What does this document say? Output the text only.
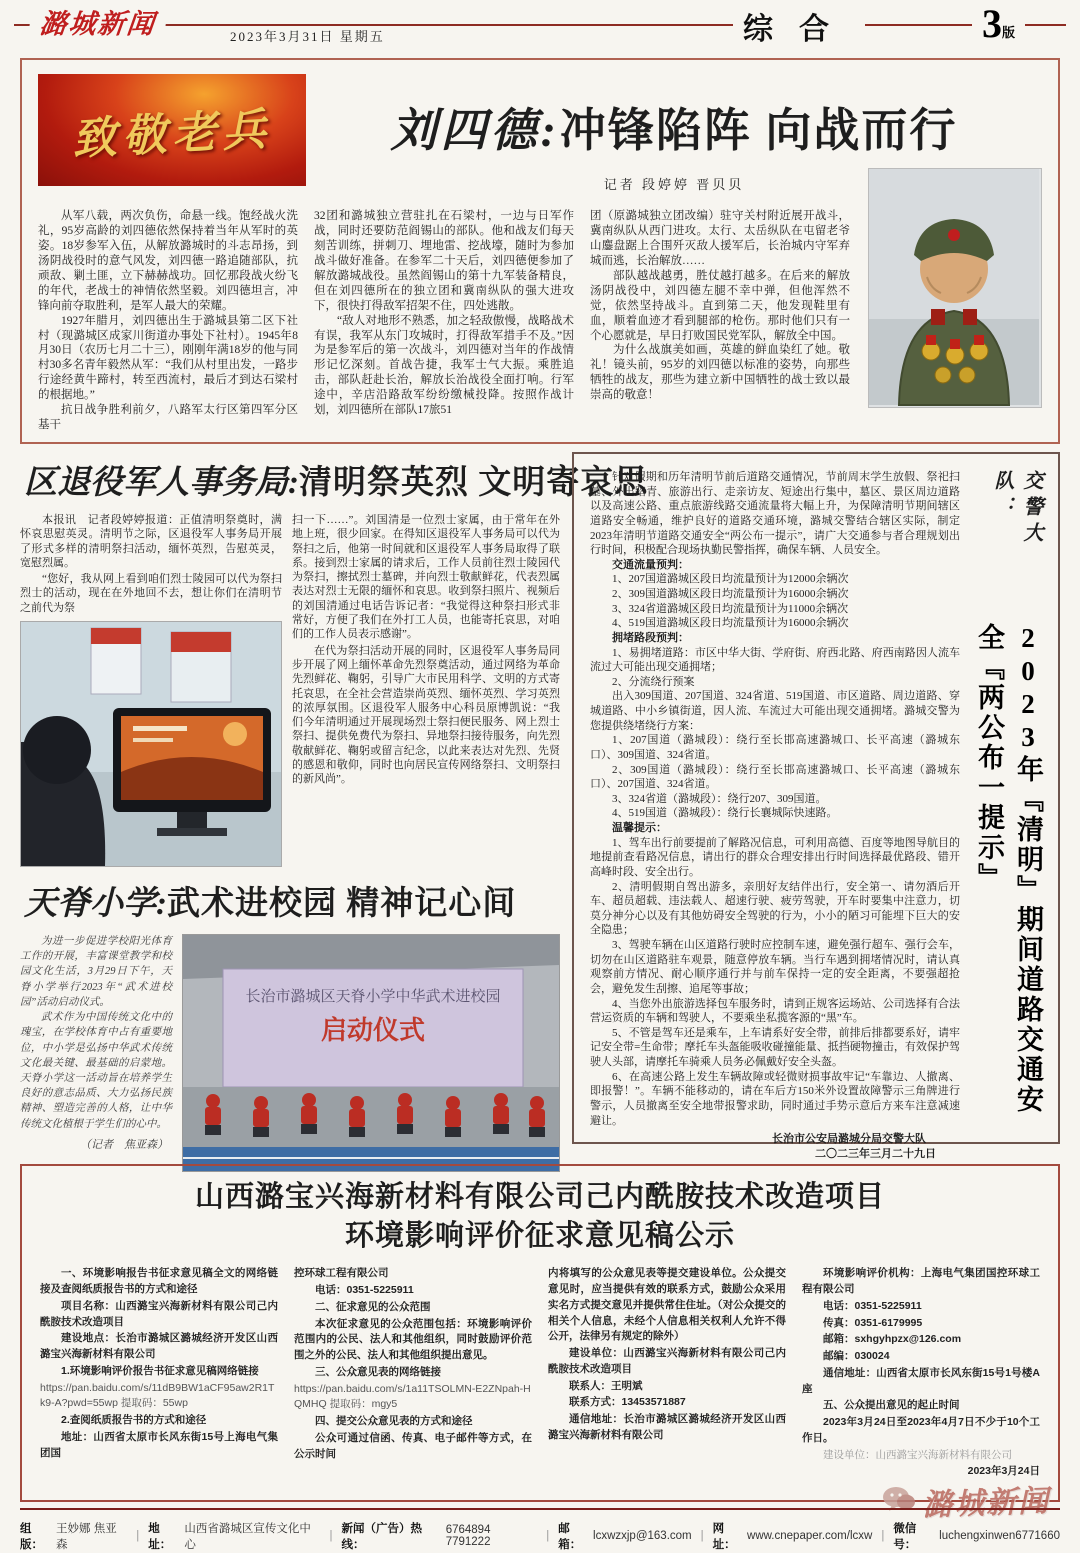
潞城新闻	2023年3月31日 星期五	综合	3版
致敬老兵	刘四德:冲锋陷阵 向战而行
记者 段婷婷 晋贝贝

从军八载，两次负伤，命悬一线。饱经战火洗礼，95岁高龄的刘四德依然保持着当年从军时的英姿。18岁参军入伍，从解放潞城时的斗志昂扬，到汤阴战役时的意气风发，刘四德一路追随部队，抗顽敌、剿土匪，立下赫赫战功。回忆那段战火纷飞的年代，老战士的神情依然坚毅。刘四德坦言，冲锋向前夺取胜利，是军人最大的荣耀。

1927年腊月，刘四德出生于潞城县第二区下社村（现潞城区成家川街道办事处下社村）。1945年8月30日（农历七月二十三），刚刚年满18岁的他与同村30多名青年毅然从军：“我们从村里出发，一路步行途经黄牛蹄村，转至西流村，最后才到达石梁村的根据地。”

抗日战争胜利前夕，八路军太行区第四军分区基干

32团和潞城独立营驻扎在石梁村，一边与日军作战，同时还要防范阎锡山的部队。他和战友们每天刻苦训练，拼刺刀、埋地雷、挖战壕，随时为参加战斗做好准备。在参军二十天后，刘四德便参加了解放潞城战役。虽然阎锡山的第十九军装备精良，但在刘四德所在的独立团和冀南纵队的强大进攻下，很快打得敌军招架不住，四处逃散。

“敌人对地形不熟悉，加之轻敌傲慢，战略战术有误，我军从东门攻城时，打得敌军措手不及。”因为是参军后的第一次战斗，刘四德对当年的作战情形记忆深刻。首战告捷，我军士气大振。乘胜追击，部队赶赴长治，解放长治战役全面打响。行军途中，辛店沿路敌军纷纷缴械投降。按照作战计划，刘四德所在部队17旅51

团（原潞城独立团改编）驻守关村附近展开战斗，冀南纵队从西门进攻。太行、太岳纵队在屯留老爷山鏖盘踞上合围歼灭敌人援军后，长治城内守军弃城而逃，长治解放……

部队越战越勇，胜仗越打越多。在后来的解放汤阴战役中，刘四德左腿不幸中弹，但他浑然不觉，依然坚持战斗。直到第二天，他发现鞋里有血，顺着血迹才看到腿部的枪伤。那时他们只有一个心愿就是，早日打败国民党军队，解放全中国。

为什么战旗美如画，英雄的鲜血染红了她。敬礼！镜头前，95岁的刘四德以标准的姿势，向那些牺牲的战友，那些为建立新中国牺牲的战士致以最崇高的敬意！

区退役军人事务局:清明祭英烈 文明寄哀思

本报讯　记者段婷婷报道：正值清明祭奠时，满怀哀思慰英灵。清明节之际，区退役军人事务局开展了形式多样的清明祭扫活动，缅怀英烈，告慰英灵，宽慰烈属。

“您好，我从网上看到咱们烈士陵园可以代为祭扫烈士的活动，现在在外地回不去，想让你们在清明节之前代为祭

扫一下……”。刘国清是一位烈士家属，由于常年在外地上班，很少回家。在得知区退役军人事务局可以代为祭扫之后，他第一时间就和区退役军人事务局取得了联系。接到烈士家属的请求后，工作人员前往烈士陵园代为祭扫，擦拭烈士墓碑，并向烈士敬献鲜花，代表烈属表达对烈士无限的缅怀和哀思。收到祭扫照片、视频后的刘国清通过电话告诉记者：“我觉得这种祭扫形式非常好，方便了我们在外打工人员，也能寄托哀思，对咱们的工作人员表示感谢”。

在代为祭扫活动开展的同时，区退役军人事务局同步开展了网上缅怀革命先烈祭奠活动，通过网络为革命先烈鲜花、鞠躬，引导广大市民用科学、文明的方式寄托哀思，在全社会营造崇尚英烈、缅怀英烈、学习英烈的浓厚氛围。区退役军人服务中心科员原博凯说：“我们今年清明通过开展现场烈士祭扫便民服务、网上烈士祭扫、提供免费代为祭扫、异地祭扫接待服务，向先烈敬献鲜花、鞠躬或留言纪念，以此来表达对先烈、先贤的感恩和敬仰，同时也向居民宣传网络祭扫、文明祭扫的新风尚”。

天脊小学:武术进校园 精神记心间

为进一步促进学校阳光体育工作的开展，丰富课堂教学和校园文化生活，3月29日下午，天脊小学举行2023年“武术进校园”活动启动仪式。

武术作为中国传统文化中的瑰宝，在学校体育中占有重要地位，中小学是弘扬中华武术传统文化最关键、最基础的启蒙地。天脊小学这一活动旨在培养学生良好的意志品质、大力弘扬民族精神、塑造完善的人格，让中华传统文化植根于学生们的心中。

（记者　焦亚森）
长治市潞城区天脊小学中华武术进校园
启动仪式

针对假期和历年清明节前后道路交通情况，节前周末学生放假、祭祀扫墓、外出踏青、旅游出行、走亲访友、短途出行集中，墓区、景区周边道路以及高速公路、重点旅游线路交通流量将大幅上升，为保障清明节期间辖区道路安全畅通，维护良好的道路交通环境，潞城交警结合辖区实际，制定2023年清明节道路交通安全“两公布一提示”，请广大交通参与者合理规划出行时间，积极配合现场执勤民警指挥，确保车辆、人员安全。

交通流量预判：

1、207国道潞城区段日均流量预计为12000余辆次

2、309国道潞城区段日均流量预计为16000余辆次

3、324省道潞城区段日均流量预计为11000余辆次

4、519国道潞城区段日均流量预计为16000余辆次

拥堵路段预判：

1、易拥堵道路：市区中华大街、学府街、府西北路、府西南路因人流车流过大可能出现交通拥堵；

2、分流绕行预案

出入309国道、207国道、324省道、519国道、市区道路、周边道路、穿城道路、中小乡镇街道，因人流、车流过大可能出现交通拥堵。潞城交警为您提供绕堵绕行方案：

1、207国道（潞城段）：绕行至长邯高速潞城口、长平高速（潞城东口）、309国道、324省道。

2、309国道（潞城段）：绕行至长邯高速潞城口、长平高速（潞城东口）、207国道、324省道。

3、324省道（潞城段）：绕行207、309国道。

4、519国道（潞城段）：绕行长襄城际快速路。

温馨提示：

1、驾车出行前要提前了解路况信息，可利用高德、百度等地图导航目的地提前查看路况信息，请出行的群众合理安排出行时间选择最优路段、错开高峰时段、安全出行。

2、清明假期自驾出游多，亲朋好友结伴出行，安全第一、请勿酒后开车、超员超载、违法载人、超速行驶、疲劳驾驶，开车时要集中注意力，切莫分神分心以及有其他妨碍安全驾驶的行为，小小的陋习可能埋下巨大的安全隐患；

3、驾驶车辆在山区道路行驶时应控制车速，避免强行超车、强行会车，切勿在山区道路驻车观景，随意停放车辆。当行车遇到拥堵情况时，请认真观察前方情况、耐心顺序通行并与前车保持一定的安全距离，不要强超抢会，避免发生刮擦、追尾等事故；

4、当您外出旅游选择包车服务时，请到正规客运场站、公司选择有合法营运资质的车辆和驾驶人，不要乘坐私揽客源的“黑”车。

5、不管是驾车还是乘车，上车请系好安全带，前排后排都要系好，请牢记安全带=生命带；摩托车头盔能吸收碰撞能量、抵挡硬物撞击，有效保护驾驶人头部，请摩托车骑乘人员务必佩戴好安全头盔。

6、在高速公路上发生车辆故障或轻微财损事故牢记“车靠边、人撤离、即报警！”。车辆不能移动的，请在车后方150米外设置故障警示三角牌进行警示，人员撤离至安全地带报警求助，同时通过手势示意后方来车注意减速避让。

长治市公安局潞城分局交警大队

二〇二三年三月二十九日

交警大队：
2023年『清明』期间道路交通安全『两公布一提示』
山西潞宝兴海新材料有限公司己内酰胺技术改造项目
环境影响评价征求意见稿公示

一、环境影响报告书征求意见稿全文的网络链接及查阅纸质报告书的方式和途径

项目名称：山西潞宝兴海新材料有限公司己内酰胺技术改造项目

建设地点：长治市潞城区潞城经济开发区山西潞宝兴海新材料有限公司

1.环境影响评价报告书征求意见稿网络链接

https://pan.baidu.com/s/11dB9BW1aCF95aw2R1Tk9-A?pwd=55wp 提取码：55wp

2.查阅纸质报告书的方式和途径

地址：山西省太原市长风东街15号上海电气集团国

控环球工程有限公司

电话：0351-5225911

二、征求意见的公众范围

本次征求意见的公众范围包括：环境影响评价范围内的公民、法人和其他组织，同时鼓励评价范围之外的公民、法人和其他组织提出意见。

三、公众意见表的网络链接

https://pan.baidu.com/s/1a11TSOLMN-E2ZNpah-HQMHQ 提取码：mgy5

四、提交公众意见表的方式和途径

公众可通过信函、传真、电子邮件等方式，在公示时间

内将填写的公众意见表等提交建设单位。公众提交意见时，应当提供有效的联系方式，鼓励公众采用实名方式提交意见并提供常住住址。（对公众提交的相关个人信息，未经个人信息相关权利人允许不得公开，法律另有规定的除外）

建设单位：山西潞宝兴海新材料有限公司己内酰胺技术改造项目

联系人：王明斌

联系方式：13453571887

通信地址：长治市潞城区潞城经济开发区山西潞宝兴海新材料有限公司

环境影响评价机构：上海电气集团国控环球工程有限公司

电话：0351-5225911

传真：0351-6179995

邮箱：sxhgyhpzx@126.com

邮编：030024

通信地址：山西省太原市长风东街15号1号楼A座

五、公众提出意见的起止时间

2023年3月24日至2023年4月7日不少于10个工作日。

建设单位：山西潞宝兴海新材料有限公司

2023年3月24日

潞城新闻
组版：
王妙娜 焦亚森
|
地址：
山西省潞城区宣传文化中心
|
新闻（广告）热线：
6764894 7791222	|
邮箱：
lcxwzxjp@163.com |
网址：
www.cnepaper.com/lcxw |
微信号：
luchengxinwen6771660
